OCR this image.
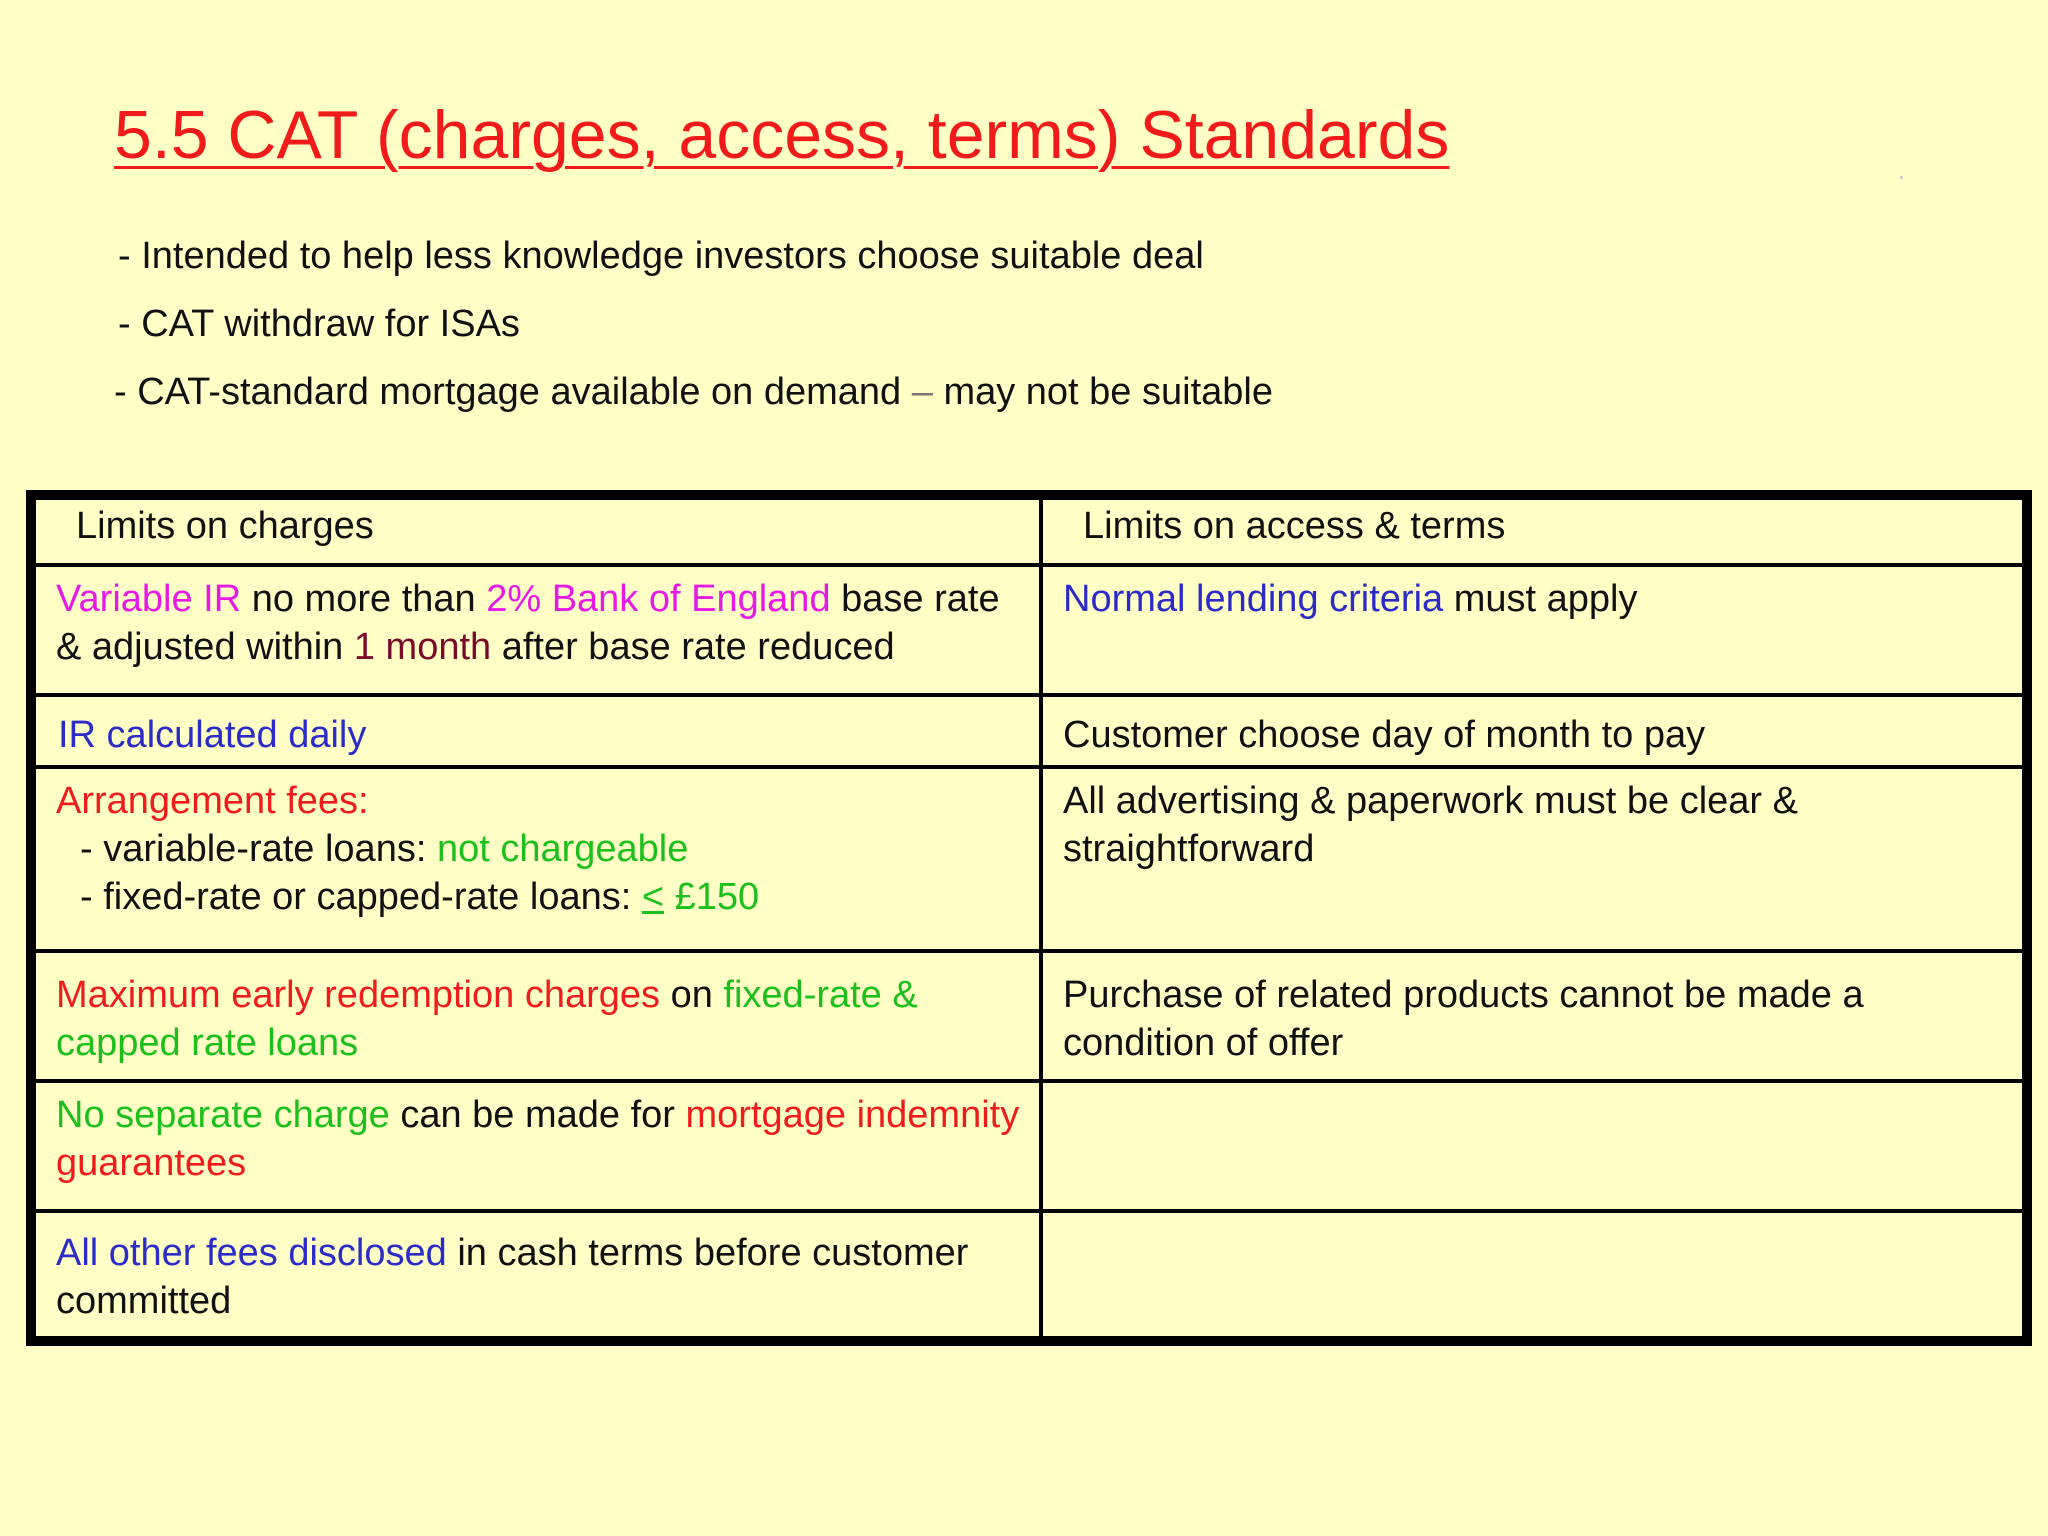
5.5 CAT (charges, access, terms) Standards
- Intended to help less knowledge investors choose suitable deal
- CAT withdraw for ISAs
- CAT-standard mortgage available on demand – may not be suitable
Limits on charges	Limits on access & terms
Variable IR no more than 2% Bank of England base rate & adjusted within 1 month after base rate reduced	Normal lending criteria must apply
IR calculated daily	Customer choose day of month to pay

Arrangement fees:
- variable-rate loans: not chargeable
- fixed-rate or capped-rate loans: < £150	All advertising & paperwork must be clear & straightforward
Maximum early redemption charges on fixed-rate & capped rate loans	Purchase of related products cannot be made a condition of offer
No separate charge can be made for mortgage indemnity guarantees	
All other fees disclosed in cash terms before customer committed	
